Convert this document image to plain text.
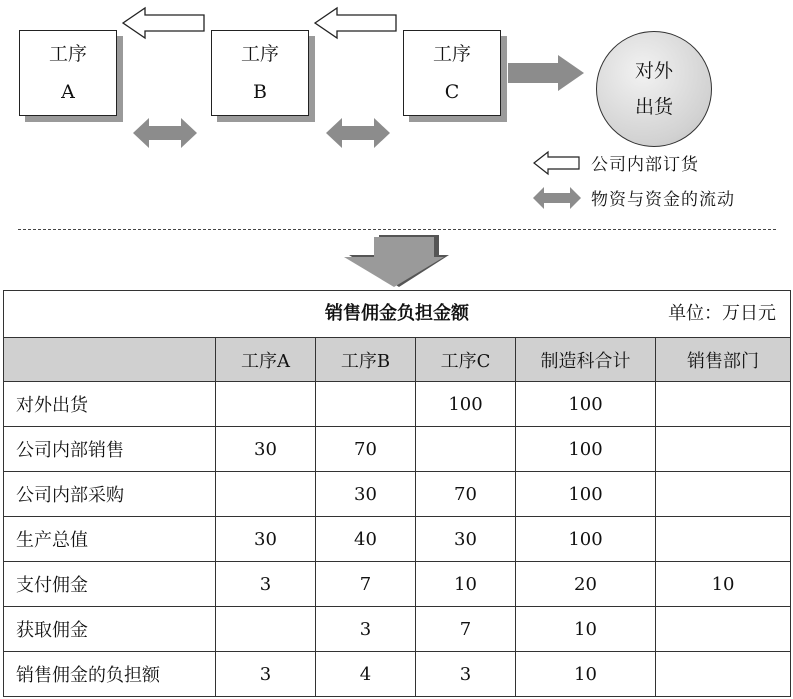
工序
A
工序
B
工序
C
对外
出货
公司内部订货
物资与资金的流动
销售佣金负担金额 单位：万日元					

	工序A	工序B	工序C	制造科合计	销售部门
对外出货			100	100	
公司内部销售	30	70		100	
公司内部采购		30	70	100	
生产总值	30	40	30	100	
支付佣金	3	7	10	20	10
获取佣金		3	7	10	
销售佣金的负担额	3	4	3	10	
